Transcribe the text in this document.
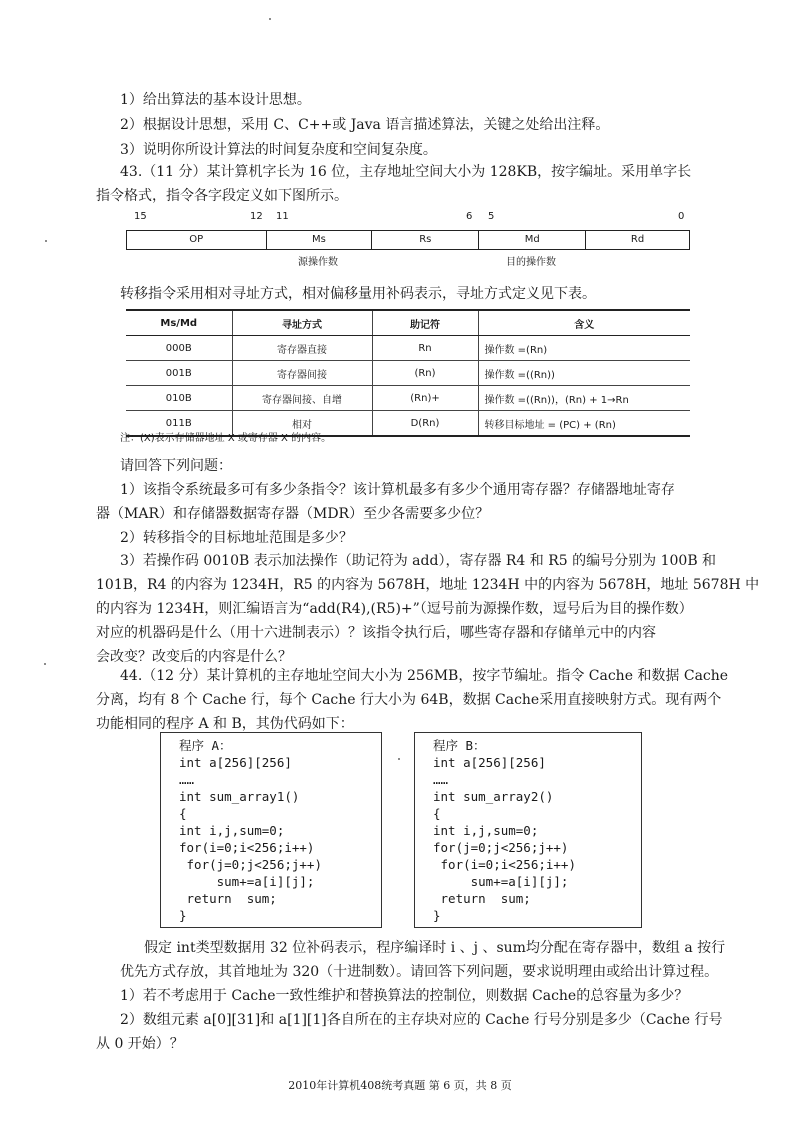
1）给出算法的基本设计思想。
2）根据设计思想，采用 C、C++或 Java 语言描述算法，关键之处给出注释。
3）说明你所设计算法的时间复杂度和空间复杂度。
43.（11 分）某计算机字长为 16 位，主存地址空间大小为 128KB，按字编址。采用单字长
指令格式，指令各字段定义如下图所示。
15	12 11	6 5	0
OP	Ms	Rs	Md	Rd
源操作数	目的操作数
转移指令采用相对寻址方式，相对偏移量用补码表示，寻址方式定义见下表。
Ms/Md	寻址方式	助记符	含义
000B	寄存器直接	Rn	操作数 =(Rn)
001B	寄存器间接	(Rn)	操作数 =((Rn))
010B	寄存器间接、自增	(Rn)+	操作数 =((Rn))，(Rn) + 1→Rn
011B	相对	D(Rn)	转移目标地址 = (PC) + (Rn)
注：(X)表示存储器地址 X 或寄存器 X 的内容。
请回答下列问题：
1）该指令系统最多可有多少条指令？该计算机最多有多少个通用寄存器？存储器地址寄存
器（MAR）和存储器数据寄存器（MDR）至少各需要多少位？
2）转移指令的目标地址范围是多少？
3）若操作码 0010B 表示加法操作（助记符为 add），寄存器 R4 和 R5 的编号分别为 100B 和
101B，R4 的内容为 1234H，R5 的内容为 5678H，地址 1234H 中的内容为 5678H，地址 5678H 中
的内容为 1234H，则汇编语言为“add(R4),(R5)+”（逗号前为源操作数，逗号后为目的操作数）
对应的机器码是什么（用十六进制表示）？该指令执行后，哪些寄存器和存储单元中的内容
会改变？改变后的内容是什么？
44.（12 分）某计算机的主存地址空间大小为 256MB，按字节编址。指令 Cache 和数据 Cache
分离，均有 8 个 Cache 行，每个 Cache 行大小为 64B，数据 Cache采用直接映射方式。现有两个
功能相同的程序 A 和 B，其伪代码如下：
程序 A：
int a[256][256]
……
int sum_array1()
{
int i,j,sum=0;
for(i=0;i<256;i++)
for(j=0;j<256;j++)
sum+=a[i][j];
return  sum;
}
程序 B：
int a[256][256]
……
int sum_array2()
{
int i,j,sum=0;
for(j=0;j<256;j++)
for(i=0;i<256;i++)
sum+=a[i][j];
return  sum;
}
假定 int类型数据用 32 位补码表示，程序编译时 i 、j 、sum均分配在寄存器中，数组 a 按行
优先方式存放，其首地址为 320（十进制数）。请回答下列问题，要求说明理由或给出计算过程。
1）若不考虑用于 Cache一致性维护和替换算法的控制位，则数据 Cache的总容量为多少？
2）数组元素 a[0][31]和 a[1][1]各自所在的主存块对应的 Cache 行号分别是多少（Cache 行号
从 0 开始）？
2010年计算机408统考真题 第 6 页，共 8 页
